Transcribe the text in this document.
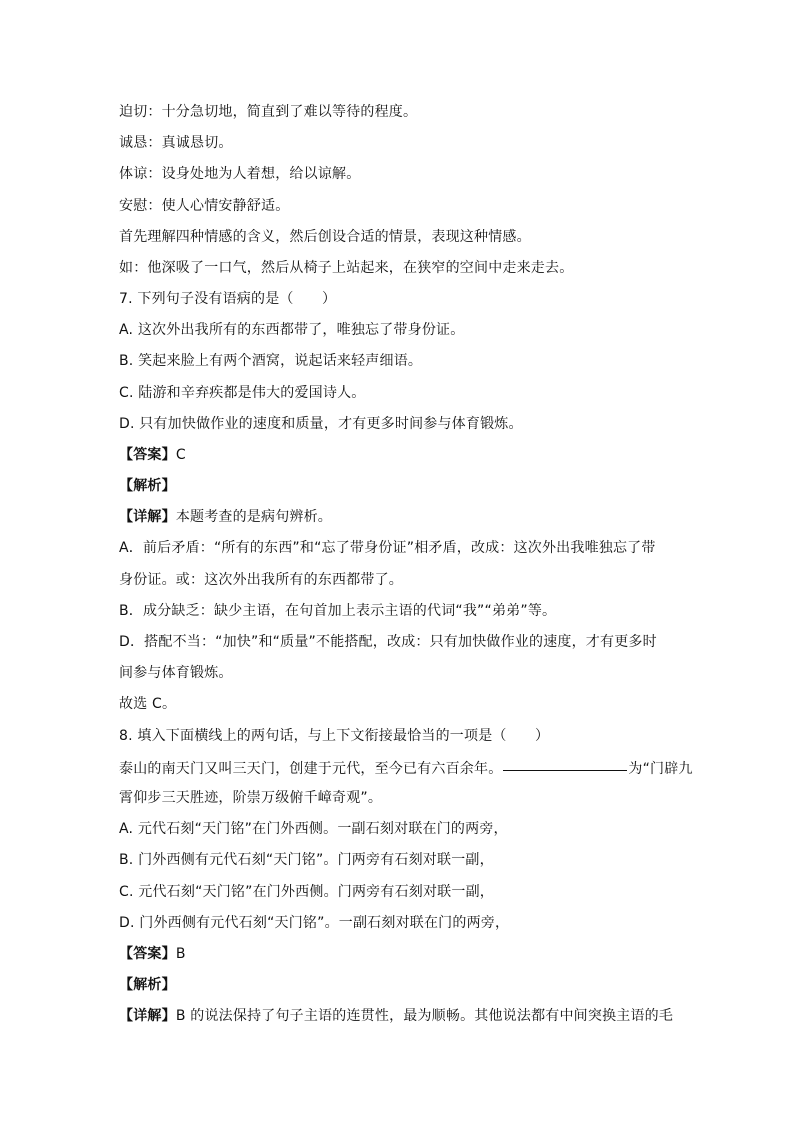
迫切：十分急切地，简直到了难以等待的程度。
诚恳：真诚恳切。
体谅：设身处地为人着想，给以谅解。
安慰：使人心情安静舒适。
首先理解四种情感的含义，然后创设合适的情景，表现这种情感。
如：他深吸了一口气，然后从椅子上站起来，在狭窄的空间中走来走去。
7. 下列句子没有语病的是（　　）
A. 这次外出我所有的东西都带了，唯独忘了带身份证。
B. 笑起来脸上有两个酒窝，说起话来轻声细语。
C. 陆游和辛弃疾都是伟大的爱国诗人。
D. 只有加快做作业的速度和质量，才有更多时间参与体育锻炼。
【答案】C
【解析】
【详解】本题考查的是病句辨析。
A．前后矛盾：“所有的东西”和“忘了带身份证”相矛盾，改成：这次外出我唯独忘了带
身份证。或：这次外出我所有的东西都带了。
B．成分缺乏：缺少主语，在句首加上表示主语的代词“我”“弟弟”等。
D．搭配不当：“加快”和“质量”不能搭配，改成：只有加快做作业的速度，才有更多时
间参与体育锻炼。
故选 C。
8. 填入下面横线上的两句话，与上下文衔接最恰当的一项是（　　）
泰山的南天门又叫三天门，创建于元代，至今已有六百余年。	为“门辟九
霄仰步三天胜迹，阶崇万级俯千嶂奇观”。
A. 元代石刻“天门铭”在门外西侧。一副石刻对联在门的两旁，
B. 门外西侧有元代石刻“天门铭”。门两旁有石刻对联一副，
C. 元代石刻“天门铭”在门外西侧。门两旁有石刻对联一副，
D. 门外西侧有元代石刻“天门铭”。一副石刻对联在门的两旁，
【答案】B
【解析】
【详解】B 的说法保持了句子主语的连贯性，最为顺畅。其他说法都有中间突换主语的毛
